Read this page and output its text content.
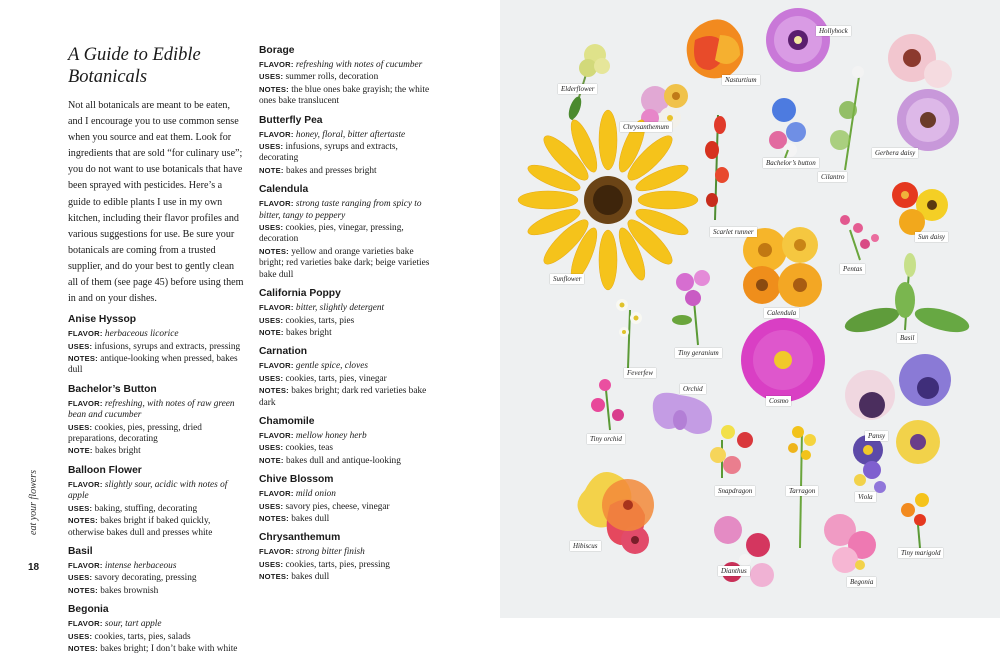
eat your flowers
18
A Guide to Edible Botanicals

Not all botanicals are meant to be eaten, and I encourage you to use common sense when you source and eat them. Look for ingredients that are sold “for culinary use”; you do not want to use botanicals that have been sprayed with pesticides. Here’s a guide to edible plants I use in my own kitchen, including their flavor profiles and various suggestions for use. Be sure your botanicals are coming from a trusted supplier, and do your best to gently clean all of them (see page 45) before using them in and on your dishes.

Anise Hyssop
FLAVOR: herbaceous licorice
USES: infusions, syrups and extracts, pressing
NOTES: antique-looking when pressed, bakes dull
Bachelor’s Button
FLAVOR: refreshing, with notes of raw green bean and cucumber
USES: cookies, pies, pressing, dried preparations, decorating
NOTE: bakes bright
Balloon Flower
FLAVOR: slightly sour, acidic with notes of apple
USES: baking, stuffing, decorating
NOTES: bakes bright if baked quickly, otherwise bakes dull and presses white
Basil
FLAVOR: intense herbaceous
USES: savory decorating, pressing
NOTES: bakes brownish
Begonia
FLAVOR: sour, tart apple
USES: cookies, tarts, pies, salads
NOTES: bakes bright; I don’t bake with white
Borage
FLAVOR: refreshing with notes of cucumber
USES: summer rolls, decoration
NOTES: the blue ones bake grayish; the white ones bake translucent
Butterfly Pea
FLAVOR: honey, floral, bitter aftertaste
USES: infusions, syrups and extracts, decorating
NOTE: bakes and presses bright
Calendula
FLAVOR: strong taste ranging from spicy to bitter, tangy to peppery
USES: cookies, pies, vinegar, pressing, decoration
NOTES: yellow and orange varieties bake bright; red varieties bake dark; beige varieties bake dull
California Poppy
FLAVOR: bitter, slightly detergent
USES: cookies, tarts, pies
NOTE: bakes bright
Carnation
FLAVOR: gentle spice, cloves
USES: cookies, tarts, pies, vinegar
NOTES: bakes bright; dark red varieties bake dark
Chamomile
FLAVOR: mellow honey herb
USES: cookies, teas
NOTE: bakes dull and antique-looking
Chive Blossom
FLAVOR: mild onion
USES: savory pies, cheese, vinegar
NOTES: bakes dull
Chrysanthemum
FLAVOR: strong bitter finish
USES: cookies, tarts, pies, pressing
NOTES: bakes dull
Elderflower
Chrysanthemum
Nasturtium
Hollyhock
Gerbera daisy
Cilantro
Bachelor’s button
Scarlet runner
Sunflower
Sun daisy
Pentas
Calendula
Basil
Feverfew
Tiny geranium
Orchid
Cosmo
Pansy
Tiny orchid
Snapdragon	Tarragon
Viola
Hibiscus
Dianthus
Begonia
Tiny marigold
